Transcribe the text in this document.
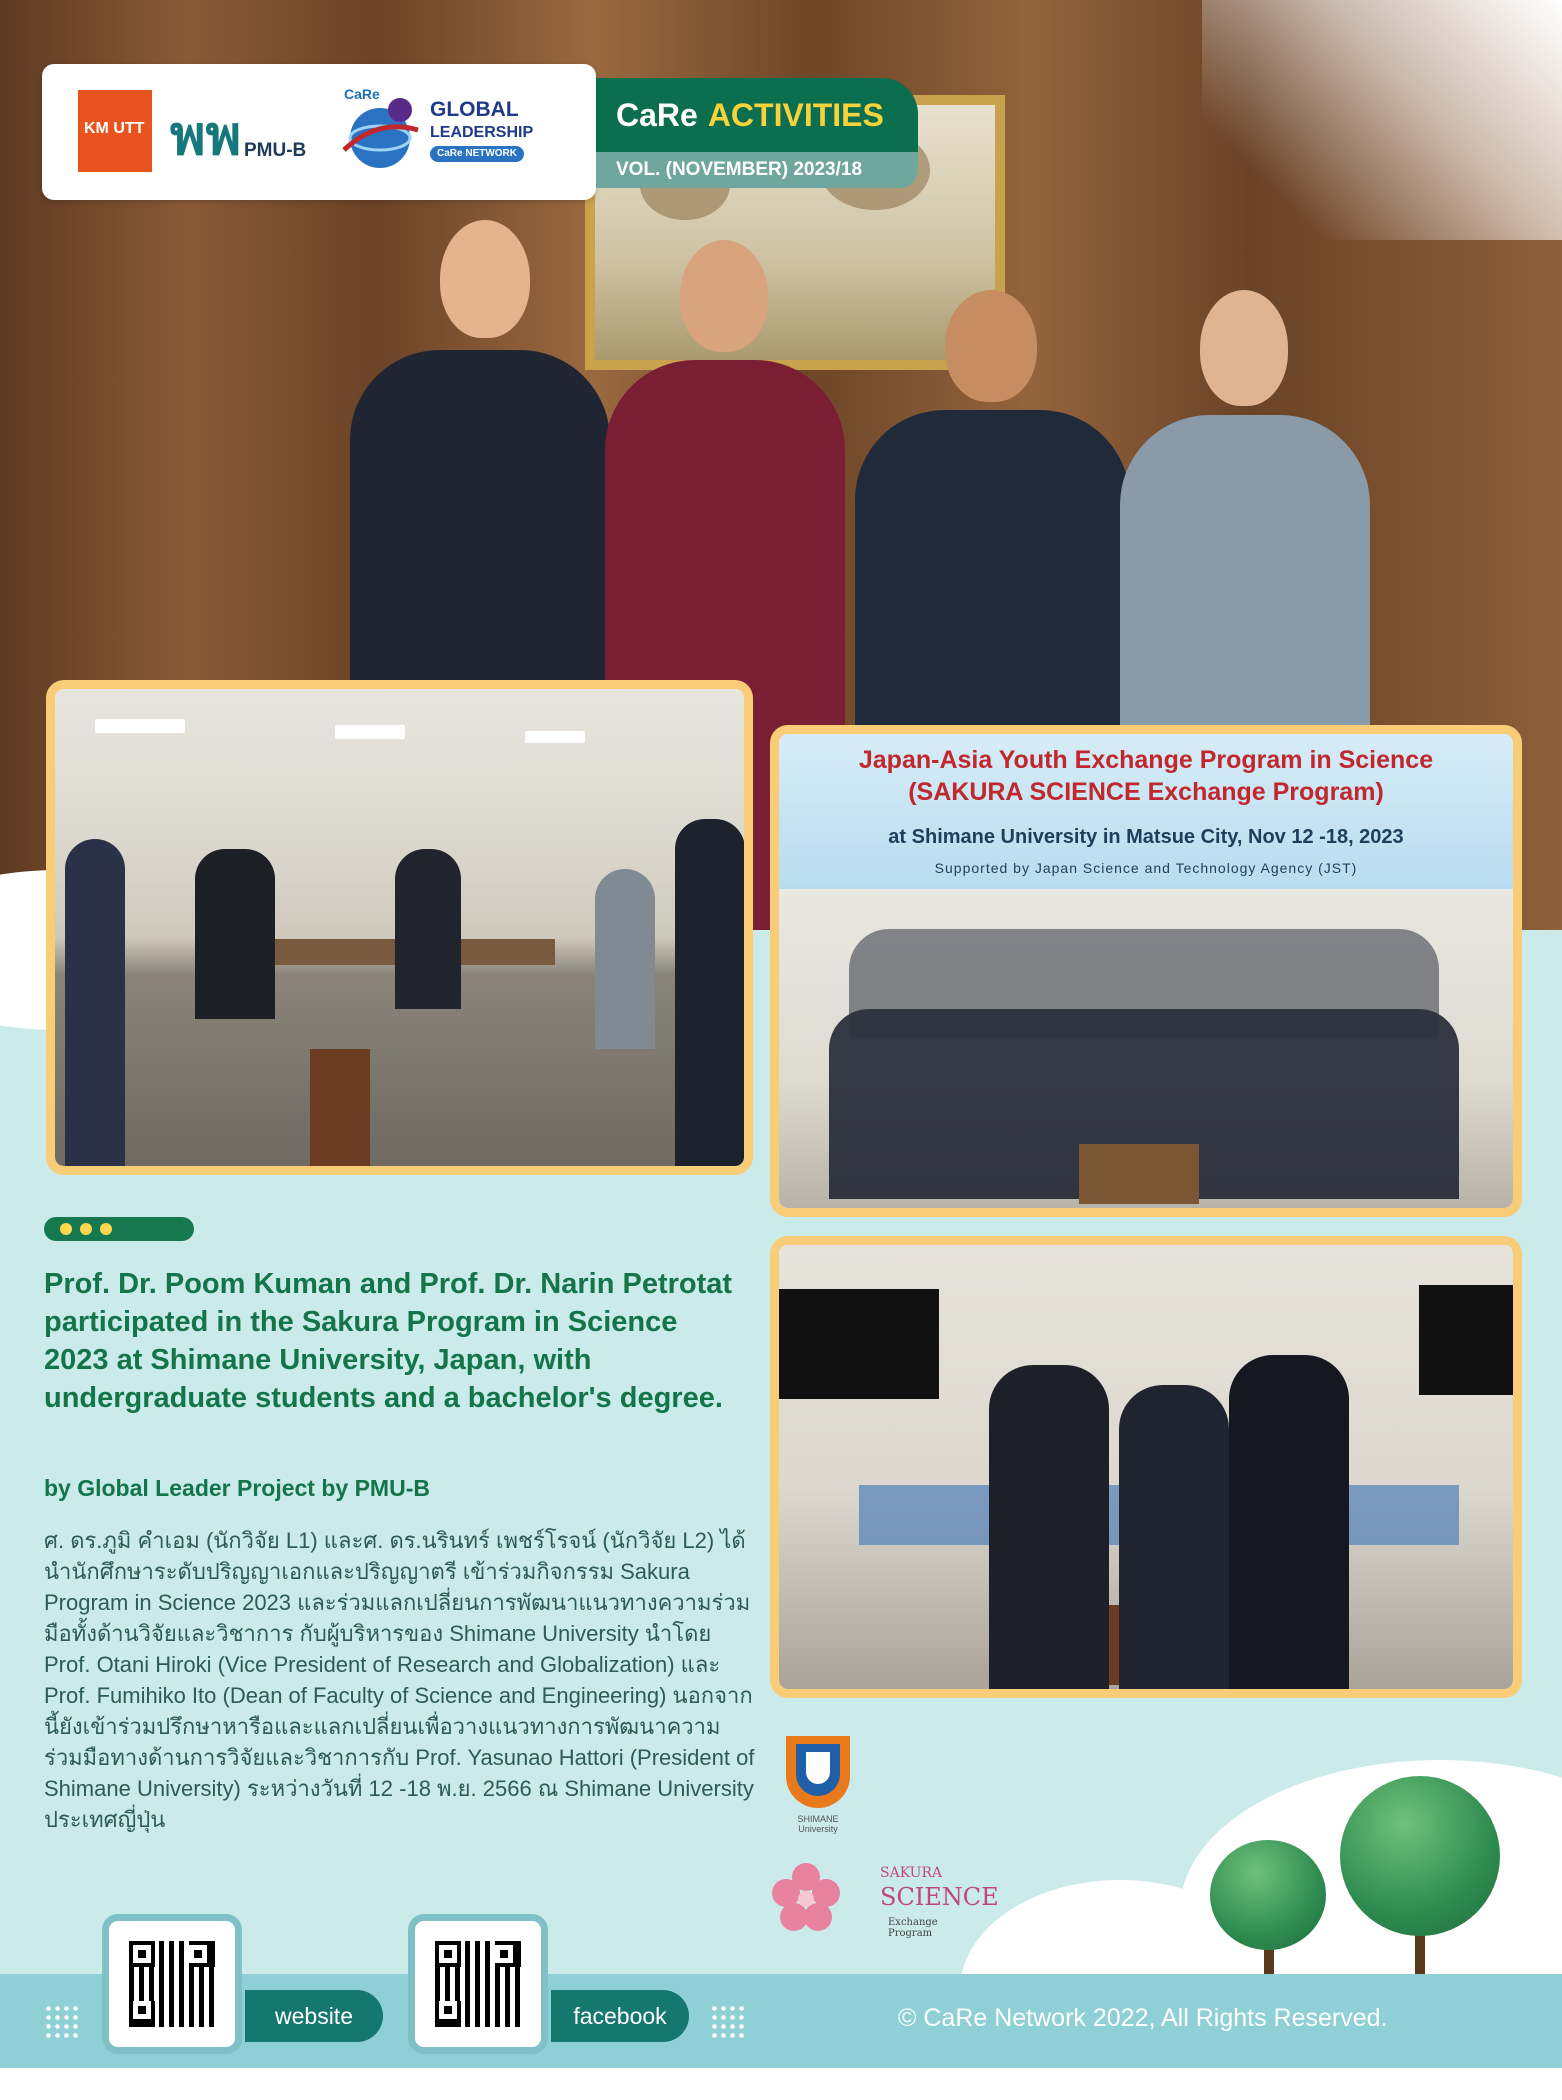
KM UTT พพ PMU-B
CaRe
GLOBAL
LEADERSHIP
CaRe NETWORK
CaRe ACTIVITIES
VOL. (NOVEMBER) 2023/18
Japan-Asia Youth Exchange Program in Science
(SAKURA SCIENCE Exchange Program)
at Shimane University in Matsue City, Nov 12 -18, 2023
Supported by Japan Science and Technology Agency (JST)
Prof. Dr. Poom Kuman and Prof. Dr. Narin Petrotat participated in the Sakura Program in Science 2023 at Shimane University, Japan, with undergraduate students and a bachelor's degree.
by Global Leader Project by PMU-B

ศ. ดร.ภูมิ คำเอม (นักวิจัย L1) และศ. ดร.นรินทร์ เพชร์โรจน์ (นักวิจัย L2) ได้นำนักศึกษาระดับปริญญาเอกและปริญญาตรี เข้าร่วมกิจกรรม Sakura Program in Science 2023 และร่วมแลกเปลี่ยนการพัฒนาแนวทางความร่วมมือทั้งด้านวิจัยและวิชาการ กับผู้บริหารของ Shimane University นำโดย Prof. Otani Hiroki (Vice President of Research and Globalization) และ Prof. Fumihiko Ito (Dean of Faculty of Science and Engineering) นอกจากนี้ยังเข้าร่วมปรึกษาหารือและแลกเปลี่ยนเพื่อวางแนวทางการพัฒนาความร่วมมือทางด้านการวิจัยและวิชาการกับ Prof. Yasunao Hattori (President of Shimane University) ระหว่างวันที่ 12 -18 พ.ย. 2566 ณ Shimane University ประเทศญี่ปุ่น	SHIMANE
University
SAKURA
SCIENCE
Exchange Program
website	facebook	© CaRe Network 2022, All Rights Reserved.
